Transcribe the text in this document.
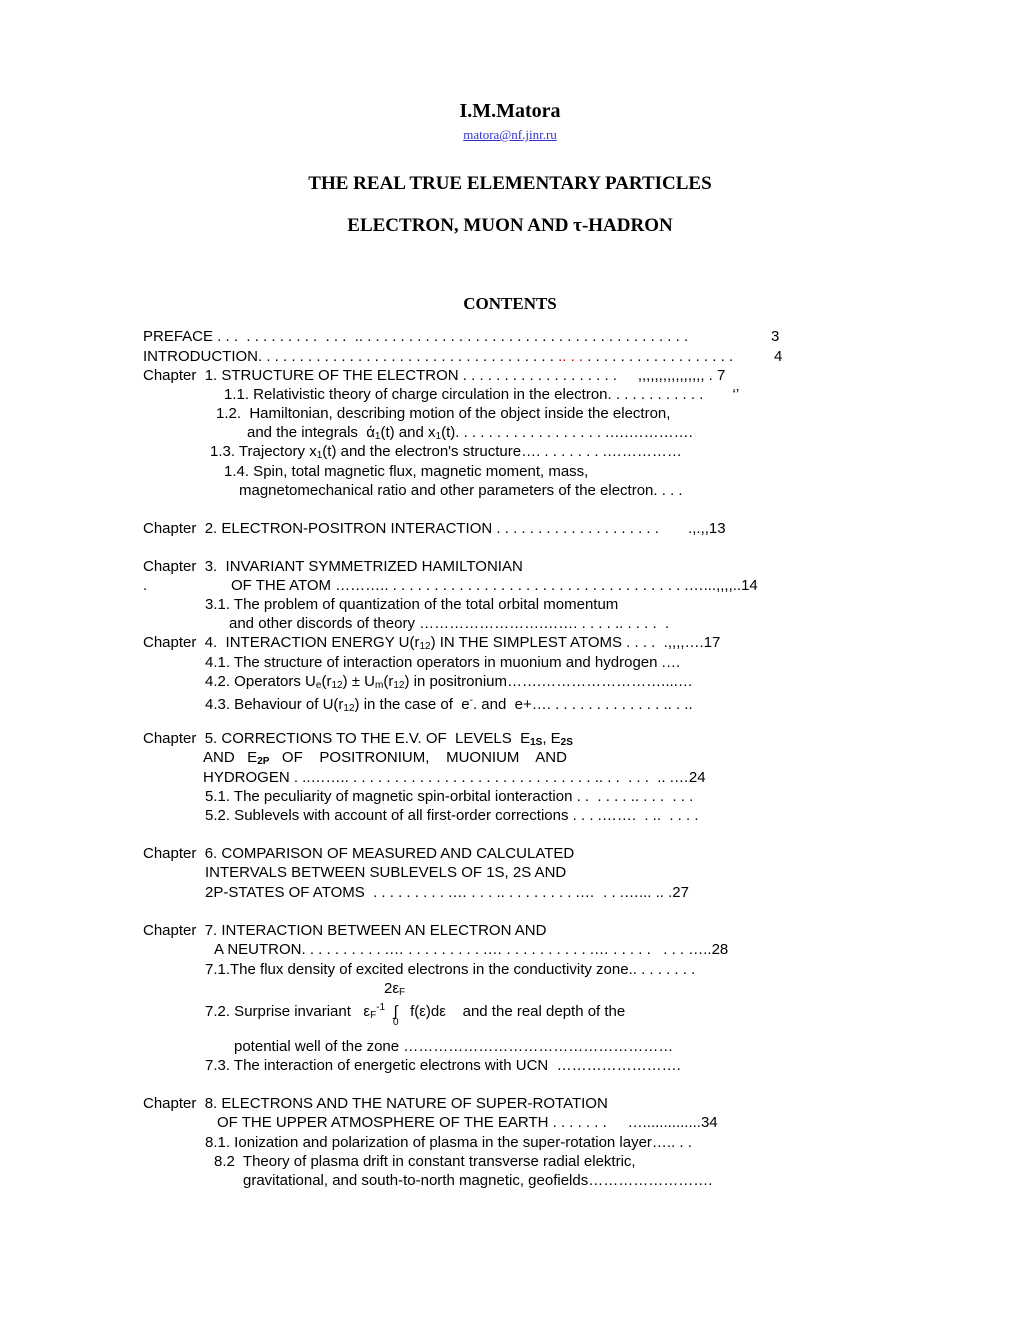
I.M.Matora
matora@nf.jinr.ru
THE REAL TRUE ELEMENTARY PARTICLES
ELECTRON, MUON AND τ-HADRON
CONTENTS
PREFACE . . .  . . . . . . . . .  . . .  .. . . . . . . . . . . . . . . . . . . . . . . . . . . . . . . . . . . . . . . .	3
INTRODUCTION. . . . . . . . . . . . . . . . . . . . . . . . . . . . . . . . . . . . .. . . . . . . . . . . . . . . . . . . . .	4
Chapter  1. STRUCTURE OF THE ELECTRON . . . . . . . . . . . . . . . . . . .     ,,,,,,,,,,,,,,,, . 7
1.1. Relativistic theory of charge circulation in the electron. . . . . . . . . . . .       ‘’
1.2.  Hamiltonian, describing motion of the object inside the electron,
and the integrals  $ά_1(t)$ and $x_1(t)$. . . . . . . . . . . . . . . . . . .….………….
1.3. Trajectory $x_1(t)$ and the electron's structure…. . . . . . . . .……………
1.4. Spin, total magnetic flux, magnetic moment, mass,
magnetomechanical ratio and other parameters of the electron. . . .
Chapter  2. ELECTRON-POSITRON INTERACTION . . . . . . . . . . . . . . . . . . . .       .,.,,13
Chapter  3.  INVARIANT SYMMETRIZED HAMILTONIAN
.	OF THE ATOM ……….. . . . . . . . . . . . . . . . . . . . . . . . . . . . . . . . . . . . .…...,,,,..14
3.1. The problem of quantization of the total orbital momentum
and other discords of theory …………………….……. . . . . .. . . . .  .
Chapter  4.  INTERACTION ENERGY $U(r_{12})$ IN THE SIMPLEST ATOMS . . . .  .,,,,….17
4.1. The structure of interaction operators in muonium and hydrogen .…
4.2. Operators $U_e(r_{12}) \pm U_m(r_{12})$ in positronium…….……………………....…
4.3. Behaviour of $U(r_{12})$ in the case of  e-. and  e+…. . . . . . . . . . . . . . .. . ..
Chapter  5. CORRECTIONS TO THE E.V. OF  LEVELS  $E_{1S}$, $E_{2S}$
AND   $E_{2P}$   OF    POSITRONIUM,    MUONIUM    AND
HYDROGEN . ..…….. . . . . . . . . . . . . . . . . . . . . . . . . . . . . . .. . .  . . .  .. .…24
5.1. The peculiarity of magnetic spin-orbital ionteraction . .  . . . . .. . . .  . . .
5.2. Sublevels with account of all first-order corrections . . . .…….  . ..  . . . .
Chapter  6. COMPARISON OF MEASURED AND CALCULATED
INTERVALS BETWEEN SUBLEVELS OF 1S, 2S AND
2P-STATES OF ATOMS  . . . . . . . . . .… . . . .. . . . . . . . . .…  . . .…... .. .27
Chapter  7. INTERACTION BETWEEN AN ELECTRON AND
A NEUTRON. . . . . . . . . . .… . . . . . . . . . .… . . . . . . . . . . .… . . . . .   . . . …..28
7.1.The flux density of excited electrons in the conductivity zone.. . . . . . . .
$2\varepsilon_F$
7.2. Surprise invariant   $\varepsilon_F^{-1}$  ∫   f(ε)dε    and the real depth of the
0
potential well of the zone ………………………………………………
7.3. The interaction of energetic electrons with UCN  …………………….
Chapter  8. ELECTRONS AND THE NATURE OF SUPER-ROTATION
OF THE UPPER ATMOSPHERE OF THE EARTH . . . . . . .     …..............34
8.1. Ionization and polarization of plasma in the super-rotation layer….. . .
8.2  Theory of plasma drift in constant transverse radial elektric,
gravitational, and south-to-north magnetic, geofields…………………….
